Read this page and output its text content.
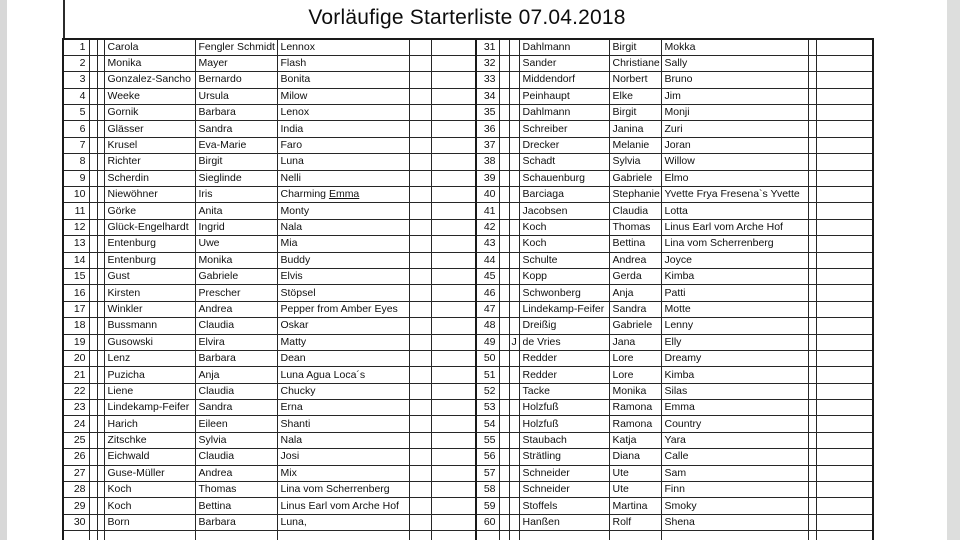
Vorläufige Starterliste 07.04.2018
1			Carola	Fengler Schmidt	Lennox		
2			Monika	Mayer	Flash		
3			Gonzalez-Sancho	Bernardo	Bonita		
4			Weeke	Ursula	Milow		
5			Gornik	Barbara	Lenox		
6			Glässer	Sandra	India		
7			Krusel	Eva-Marie	Faro		
8			Richter	Birgit	Luna		
9			Scherdin	Sieglinde	Nelli		
10			Niewöhner	Iris	Charming Emma		
11			Görke	Anita	Monty		
12			Glück-Engelhardt	Ingrid	Nala		
13			Entenburg	Uwe	Mia		
14			Entenburg	Monika	Buddy		
15			Gust	Gabriele	Elvis		
16			Kirsten	Prescher	Stöpsel		
17			Winkler	Andrea	Pepper from Amber Eyes		
18			Bussmann	Claudia	Oskar		
19			Gusowski	Elvira	Matty		
20			Lenz	Barbara	Dean		
21			Puzicha	Anja	Luna Agua Loca´s		
22			Liene	Claudia	Chucky		
23			Lindekamp-Feifer	Sandra	Erna		
24			Harich	Eileen	Shanti		
25			Zitschke	Sylvia	Nala		
26			Eichwald	Claudia	Josi		
27			Guse-Müller	Andrea	Mix		
28			Koch	Thomas	Lina vom Scherrenberg		
29			Koch	Bettina	Linus Earl vom Arche Hof		
30			Born	Barbara	Luna,		

31			Dahlmann	Birgit	Mokka		
32			Sander	Christiane	Sally		
33			Middendorf	Norbert	Bruno		
34			Peinhaupt	Elke	Jim		
35			Dahlmann	Birgit	Monji		
36			Schreiber	Janina	Zuri		
37			Drecker	Melanie	Joran		
38			Schadt	Sylvia	Willow		
39			Schauenburg	Gabriele	Elmo		
40			Barciaga	Stephanie	Yvette Frya Fresena`s Yvette		
41			Jacobsen	Claudia	Lotta		
42			Koch	Thomas	Linus Earl vom Arche Hof		
43			Koch	Bettina	Lina vom Scherrenberg		
44			Schulte	Andrea	Joyce		
45			Kopp	Gerda	Kimba		
46			Schwonberg	Anja	Patti		
47			Lindekamp-Feifer	Sandra	Motte		
48			Dreißig	Gabriele	Lenny		
49		J	de Vries	Jana	Elly		
50			Redder	Lore	Dreamy		
51			Redder	Lore	Kimba		
52			Tacke	Monika	Silas		
53			Holzfuß	Ramona	Emma		
54			Holzfuß	Ramona	Country		
55			Staubach	Katja	Yara		
56			Strätling	Diana	Calle		
57			Schneider	Ute	Sam		
58			Schneider	Ute	Finn		
59			Stoffels	Martina	Smoky		
60			Hanßen	Rolf	Shena		
